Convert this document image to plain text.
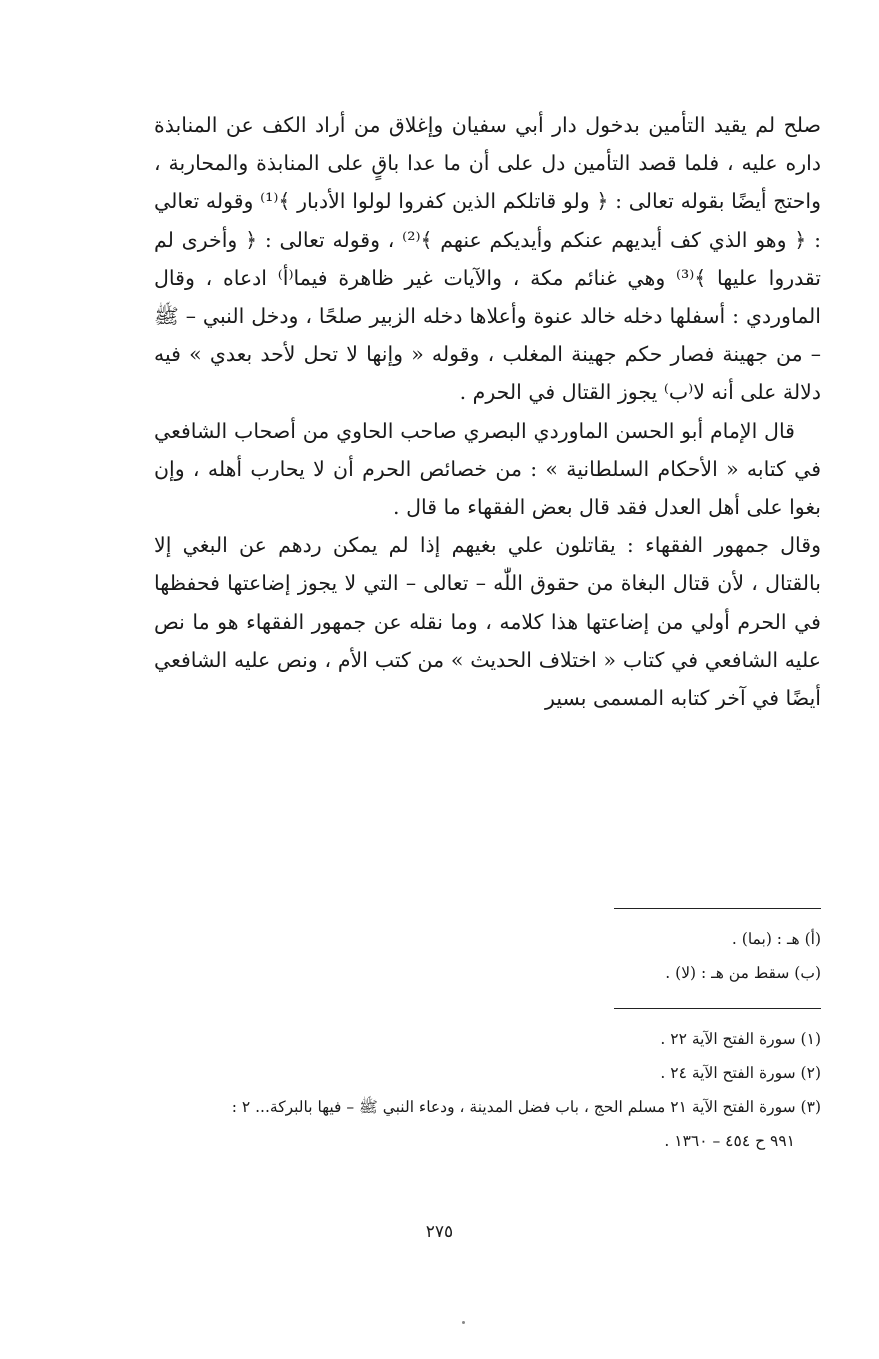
صلح لم يقيد التأمين بدخول دار أبي سفيان وإغلاق من أراد الكف عن المنابذة داره عليه ، فلما قصد التأمين دل على أن ما عدا باقٍ على المنابذة والمحاربة ، واحتج أيضًا بقوله تعالى : ﴿ ولو قاتلكم الذين كفروا لولوا الأدبار ﴾⁽¹⁾ وقوله تعالي : ﴿ وهو الذي كف أيديهم عنكم وأيديكم عنهم ﴾⁽²⁾ ، وقوله تعالى : ﴿ وأخرى لم تقدروا عليها ﴾⁽³⁾ وهي غنائم مكة ، والآيات غير ظاهرة فيما⁽أ⁾ ادعاه ، وقال الماوردي : أسفلها دخله خالد عنوة وأعلاها دخله الزبير صلحًا ، ودخل النبي – ﷺ – من جهينة فصار حكم جهينة المغلب ، وقوله « وإنها لا تحل لأحد بعدي » فيه دلالة على أنه لا⁽ب⁾ يجوز القتال في الحرم .

قال الإمام أبو الحسن الماوردي البصري صاحب الحاوي من أصحاب الشافعي في كتابه « الأحكام السلطانية » : من خصائص الحرم أن لا يحارب أهله ، وإن بغوا على أهل العدل فقد قال بعض الفقهاء ما قال .

وقال جمهور الفقهاء : يقاتلون علي بغيهم إذا لم يمكن ردهم عن البغي إلا بالقتال ، لأن قتال البغاة من حقوق اللّٰه – تعالى – التي لا يجوز إضاعتها فحفظها في الحرم أولي من إضاعتها هذا كلامه ، وما نقله عن جمهور الفقهاء هو ما نص عليه الشافعي في كتاب « اختلاف الحديث » من كتب الأم ، ونص عليه الشافعي أيضًا في آخر كتابه المسمى بسير

(أ) هـ : (بما) .

(ب) سقط من هـ : (لا) .

(١) سورة الفتح الآية ٢٢ .

(٢) سورة الفتح الآية ٢٤ .

(٣) سورة الفتح الآية ٢١ مسلم الحج ، باب فضل المدينة ، ودعاء النبي ﷺ – فيها بالبركة... ٢ :

٩٩١ ح ٤٥٤ – ١٣٦٠ .

٢٧٥
